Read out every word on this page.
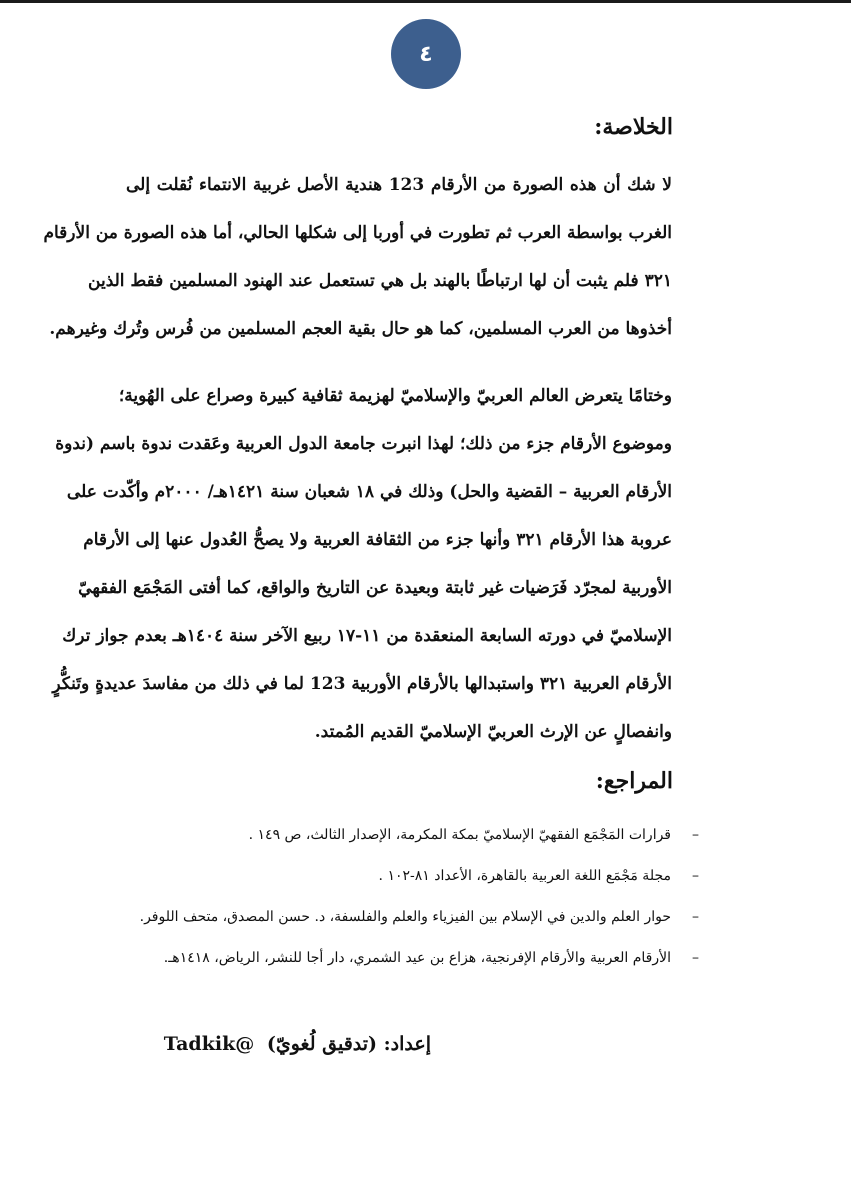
٤
الخلاصة:
لا شك أن هذه الصورة من الأرقام 123 هندية الأصل غربية الانتماء نُقلت إلى
الغرب بواسطة العرب ثم تطورت في أوربا إلى شكلها الحالي، أما هذه الصورة من الأرقام
٣٢١ فلم يثبت أن لها ارتباطًا بالهند بل هي تستعمل عند الهنود المسلمين فقط الذين
أخذوها من العرب المسلمين، كما هو حال بقية العجم المسلمين من فُرس وتُرك وغيرهم.
وختامًا يتعرض العالم العربيّ والإسلاميّ لهزيمة ثقافية كبيرة وصراع على الهُوية؛
وموضوع الأرقام جزء من ذلك؛ لهذا انبرت جامعة الدول العربية وعَقدت ندوة باسم (ندوة
الأرقام العربية – القضية والحل) وذلك في ١٨ شعبان سنة ١٤٢١هـ/ ٢٠٠٠م وأكّدت على
عروبة هذا الأرقام ٣٢١ وأنها جزء من الثقافة العربية ولا يصحُّ العُدول عنها إلى الأرقام
الأوربية لمجرّد فَرَضيات غير ثابتة وبعيدة عن التاريخ والواقع، كما أفتى المَجْمَع الفقهيّ
الإسلاميّ في دورته السابعة المنعقدة من ١١-١٧ ربيع الآخر سنة ١٤٠٤هـ بعدم جواز ترك
الأرقام العربية ٣٢١ واستبدالها بالأرقام الأوربية 123 لما في ذلك من مفاسدَ عديدةٍ وتَنكُّرٍ
وانفصالٍ عن الإرث العربيّ الإسلاميّ القديم المُمتد.
المراجع:
–
قرارات المَجْمَع الفقهيّ الإسلاميّ بمكة المكرمة، الإصدار الثالث، ص ١٤٩ .
–
مجلة مَجْمَع اللغة العربية بالقاهرة، الأعداد ٨١-١٠٢ .
–
حوار العلم والدين في الإسلام بين الفيزياء والعلم والفلسفة، د. حسن المصدق، متحف اللوفر.
–
الأرقام العربية والأرقام الإفرنجية، هزاع بن عيد الشمري، دار أجا للنشر، الرياض، ١٤١٨هـ.
إعداد: (تدقيق لُغويّ) @Tadkik
